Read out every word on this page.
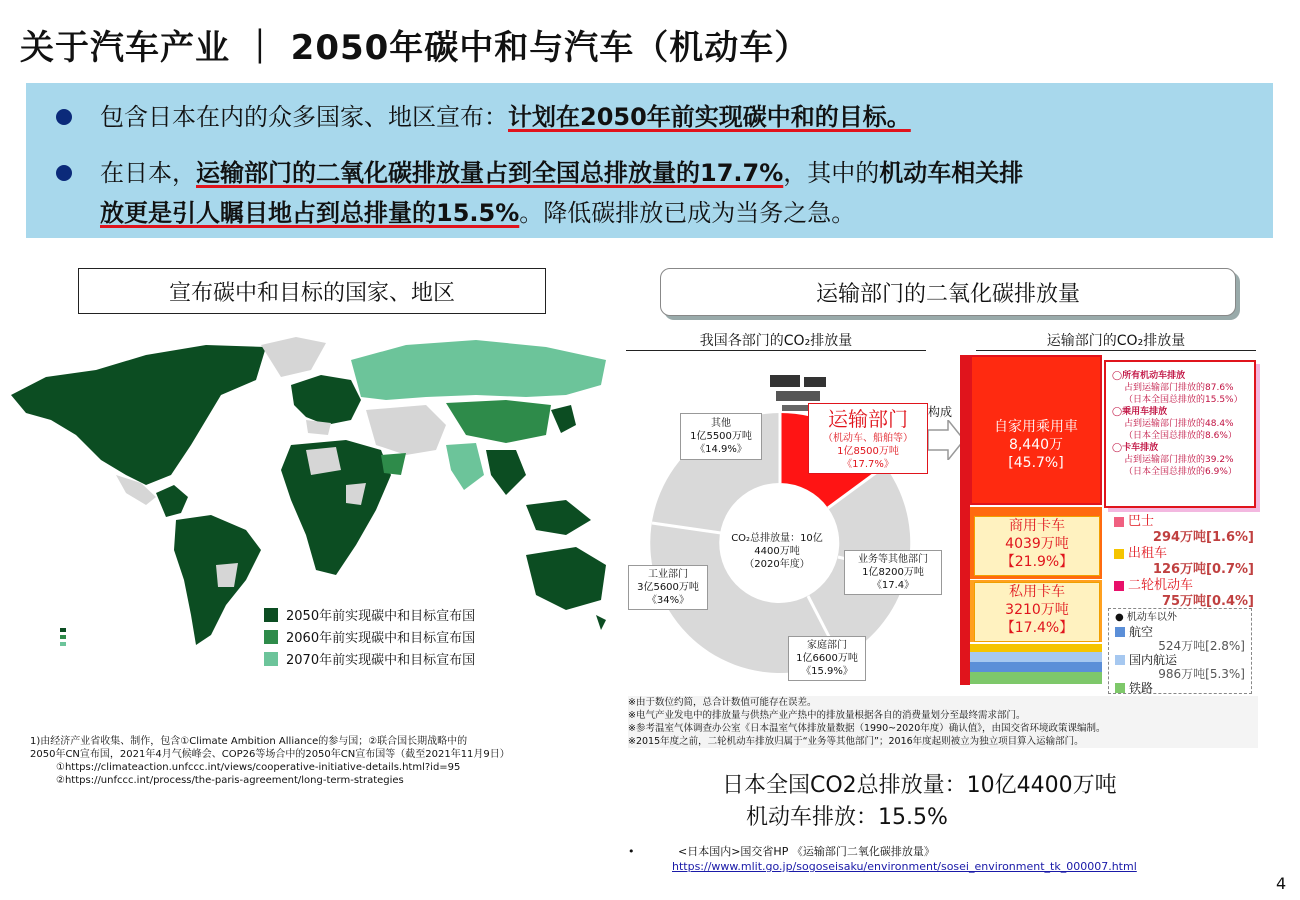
关于汽车产业 ｜ 2050年碳中和与汽车（机动车）
包含日本在内的众多国家、地区宣布：计划在2050年前实现碳中和的目标。
在日本，运输部门的二氧化碳排放量占到全国总排放量的17.7%，其中的机动车相关排
放更是引人瞩目地占到总排量的15.5%。降低碳排放已成为当务之急。
宣布碳中和目标的国家、地区
2050年前实现碳中和目标宣布国
2060年前实现碳中和目标宣布国
2070年前实现碳中和目标宣布国
1)由经济产业省收集、制作，包含①Climate Ambition Alliance的参与国；②联合国长期战略中的
2050年CN宣布国，2021年4月气候峰会、COP26等场合中的2050年CN宣布国等（截至2021年11月9日）
①https://climateaction.unfccc.int/views/cooperative-initiative-details.html?id=95
②https://unfccc.int/process/the-paris-agreement/long-term-strategies
运输部门的二氧化碳排放量
我国各部门的CO₂排放量	运输部门的CO₂排放量
CO₂总排放量：10亿
4400万吨
（2020年度）
其他
1亿5500万吨
《14.9%》
运输部门
（机动车、船舶等）
1亿8500万吨
《17.7%》
工业部门
3亿5600万吨
《34%》
业务等其他部门
1亿8200万吨
《17.4》
家庭部门
1亿6600万吨
《15.9%》
构成
自家用乘用車
8,440万
[45.7%]
商用卡车
4039万吨
【21.9%】
私用卡车
3210万吨
【17.4%】
◯所有机动车排放
占到运输部门排放的87.6%
（日本全国总排放的15.5%）
◯乘用车排放
占到运输部门排放的48.4%
（日本全国总排放的8.6%）
◯卡车排放
占到运输部门排放的39.2%
（日本全国总排放的6.9%）
巴士
294万吨[1.6%]
出租车
126万吨[0.7%]
二轮机动车
75万吨[0.4%]
● 机动车以外
航空
524万吨[2.8%]
国内航运
986万吨[5.3%]
铁路
※由于数位约简，总合计数值可能存在误差。
※电气产业发电中的排放量与供热产业产热中的排放量根据各自的消费量划分至最终需求部门。
※参考温室气体调查办公室《日本温室气体排放量数据（1990~2020年度）确认值》，由国交省环境政策课编制。
※2015年度之前，二轮机动车排放归属于“业务等其他部门”；2016年度起则被立为独立项目算入运输部门。
日本全国CO2总排放量：10亿4400万吨
机动车排放：15.5%
•	<日本国内>国交省HP 《运输部门二氧化碳排放量》
https://www.mlit.go.jp/sogoseisaku/environment/sosei_environment_tk_000007.html
4
